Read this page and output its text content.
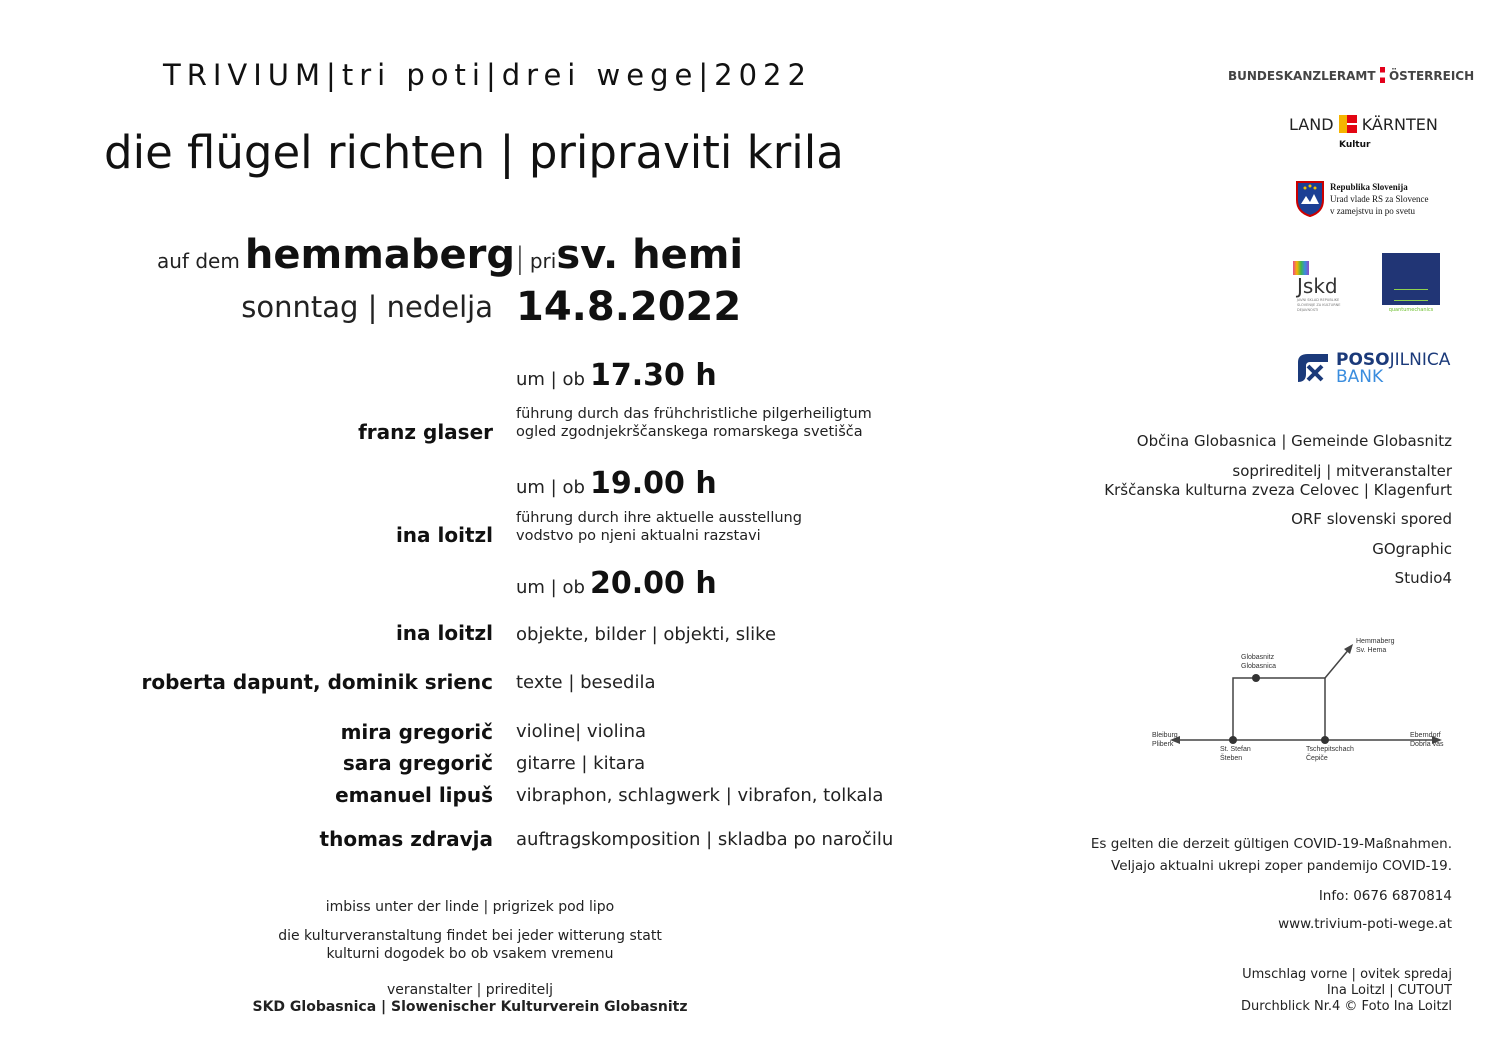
TRIVIUM|tri poti|drei wege|2022
die flügel richten | pripraviti krila
auf dem hemmaberg| prisv. hemi
sonntag | nedelja 14.8.2022
um | ob 17.30 h
führung durch das frühchristliche pilgerheiligtum
ogled zgodnjekrščanskega romarskega svetišča
franz glaser
um | ob 19.00 h
führung durch ihre aktuelle ausstellung
vodstvo po njeni aktualni razstavi
ina loitzl
um | ob 20.00 h
ina loitzl objekte, bilder | objekti, slike
roberta dapunt, dominik srienc texte | besedila
mira gregorič violine| violina
sara gregorič gitarre | kitara
emanuel lipuš vibraphon, schlagwerk | vibrafon, tolkala
thomas zdravja auftragskomposition | skladba po naročilu
imbiss unter der linde | prigrizek pod lipo
die kulturveranstaltung findet bei jeder witterung statt
kulturni dogodek bo ob vsakem vremenu
veranstalter | prireditelj
SKD Globasnica | Slowenischer Kulturverein Globasnitz
BUNDESKANZLERAMT ÖSTERREICH
LAND KÄRNTEN
Kultur
Republika Slovenija
Urad vlade RS za Slovence
v zamejstvu in po svetu
Jskd
JAVNI SKLAD REPUBLIKE SLOVENIJE ZA KULTURNE DEJAVNOSTI	quantumechanics
POSOJILNICA
BANK
Občina Globasnica | Gemeinde Globasnitz
soprireditelj | mitveranstalter
Krščanska kulturna zveza Celovec | Klagenfurt
ORF slovenski spored
GOgraphic
Studio4
Hemmaberg
Sv. Hema
Globasnitz
Globasnica
Bleiburg
Pliberk
St. Stefan
Šteben
Tschepitschach
Čepiče
Eberndorf
Dobrla vas
Es gelten die derzeit gültigen COVID-19-Maßnahmen.
Veljajo aktualni ukrepi zoper pandemijo COVID-19.
Info: 0676 6870814
www.trivium-poti-wege.at
Umschlag vorne | ovitek spredaj
Ina Loitzl | CUTOUT
Durchblick Nr.4 © Foto Ina Loitzl
